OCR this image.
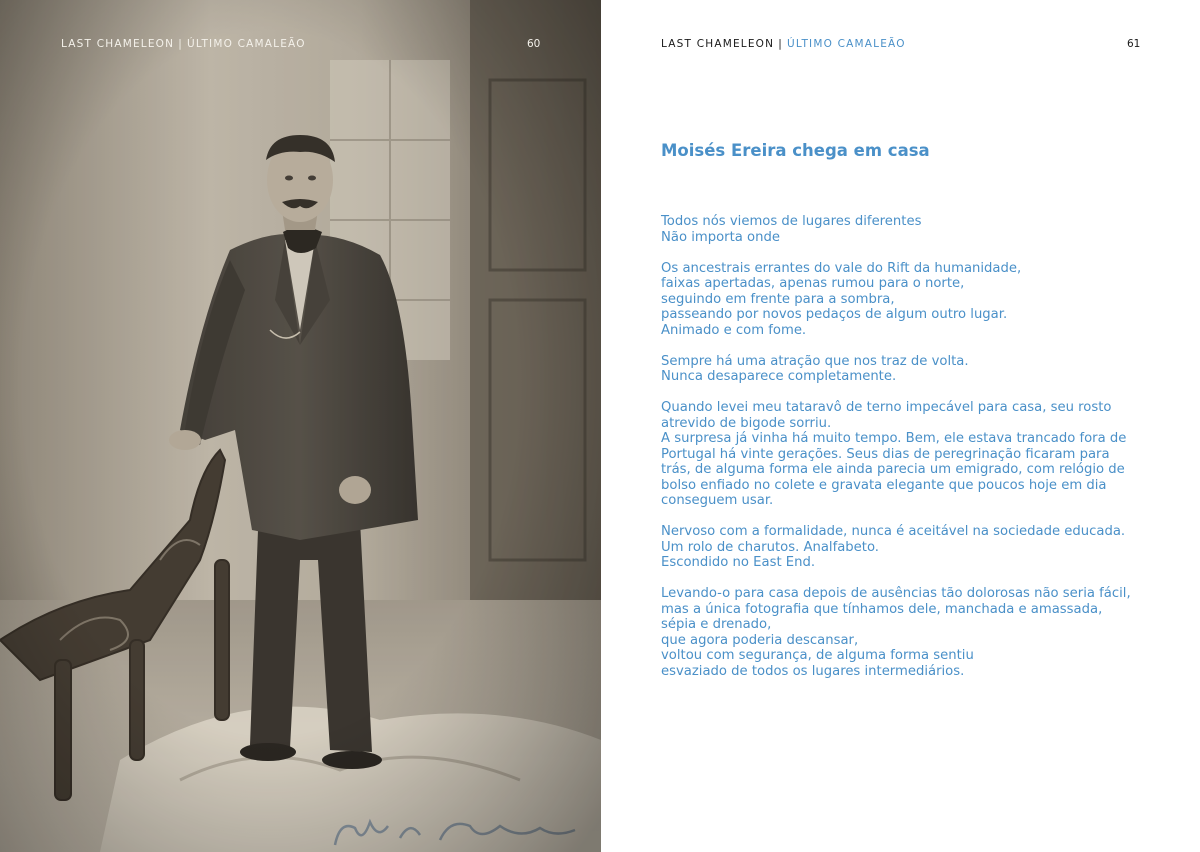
LAST CHAMELEON | ÚLTIMO CAMALEÃO	60	LAST CHAMELEON | ÚLTIMO CAMALEÃO	61
Moisés Ereira chega em casa
Todos nós viemos de lugares diferentes
Não importa onde
Os ancestrais errantes do vale do Rift da humanidade,
faixas apertadas, apenas rumou para o norte,
seguindo em frente para a sombra,
passeando por novos pedaços de algum outro lugar.
Animado e com fome.
Sempre há uma atração que nos traz de volta.
Nunca desaparece completamente.
Quando levei meu tataravô de terno impecável para casa, seu rosto atrevido de bigode sorriu.
A surpresa já vinha há muito tempo. Bem, ele estava trancado fora de Portugal há vinte gerações. Seus dias de peregrinação ficaram para trás, de alguma forma ele ainda parecia um emigrado, com relógio de bolso enfiado no colete e gravata elegante que poucos hoje em dia conseguem usar.
Nervoso com a formalidade, nunca é aceitável na sociedade educada.
Um rolo de charutos. Analfabeto.
Escondido no East End.
Levando-o para casa depois de ausências tão dolorosas não seria fácil,
mas a única fotografia que tínhamos dele, manchada e amassada,
sépia e drenado,
que agora poderia descansar,
voltou com segurança, de alguma forma sentiu
esvaziado de todos os lugares intermediários.
